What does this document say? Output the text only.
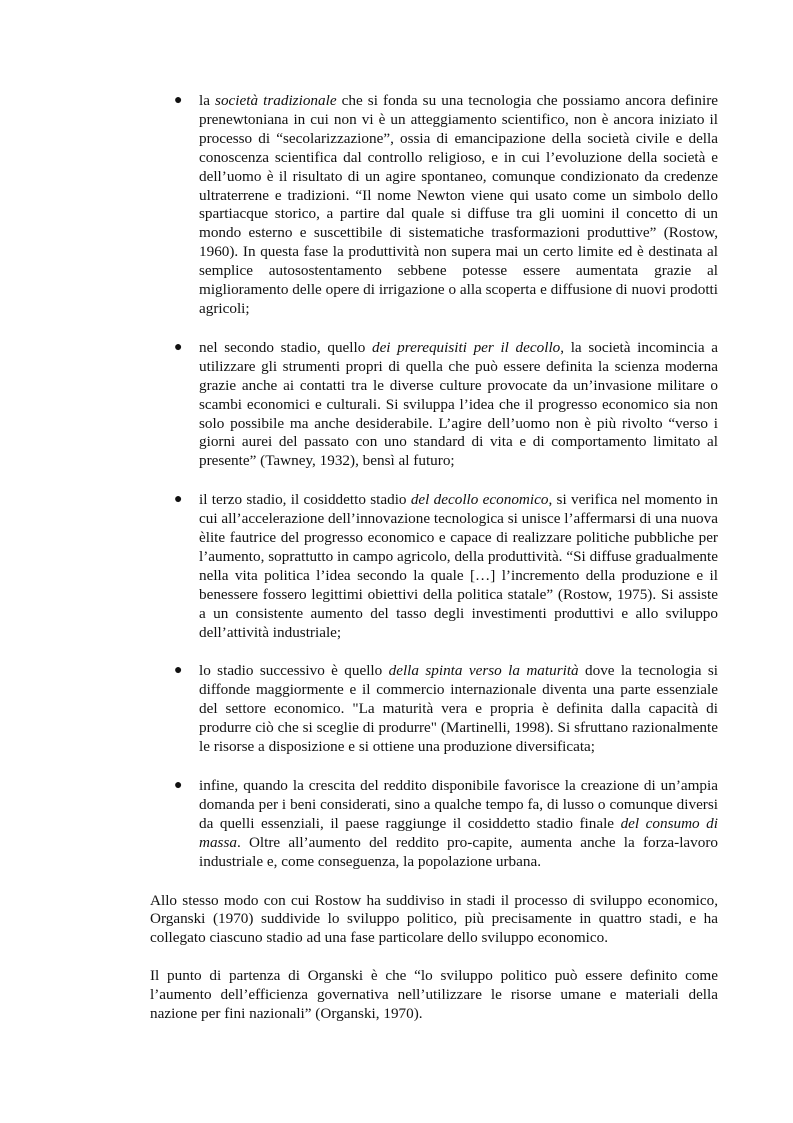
● la società tradizionale che si fonda su una tecnologia che possiamo ancora definire prenewtoniana in cui non vi è un atteggiamento scientifico, non è ancora iniziato il processo di “secolarizzazione”, ossia di emancipazione della società civile e della conoscenza scientifica dal controllo religioso, e in cui l’evoluzione della società e dell’uomo è il risultato di un agire spontaneo, comunque condizionato da credenze ultraterrene e tradizioni. “Il nome Newton viene qui usato come un simbolo dello spartiacque storico, a partire dal quale si diffuse tra gli uomini il concetto di un mondo esterno e suscettibile di sistematiche trasformazioni produttive” (Rostow, 1960). In questa fase la produttività non supera mai un certo limite ed è destinata al semplice autosostentamento sebbene potesse essere aumentata grazie al miglioramento delle opere di irrigazione o alla scoperta e diffusione di nuovi prodotti agricoli;
● nel secondo stadio, quello dei prerequisiti per il decollo, la società incomincia a utilizzare gli strumenti propri di quella che può essere definita la scienza moderna grazie anche ai contatti tra le diverse culture provocate da un’invasione militare o scambi economici e culturali. Si sviluppa l’idea che il progresso economico sia non solo possibile ma anche desiderabile. L’agire dell’uomo non è più rivolto “verso i giorni aurei del passato con uno standard di vita e di comportamento limitato al presente” (Tawney, 1932), bensì al futuro;
● il terzo stadio, il cosiddetto stadio del decollo economico, si verifica nel momento in cui all’accelerazione dell’innovazione tecnologica si unisce l’affermarsi di una nuova èlite fautrice del progresso economico e capace di realizzare politiche pubbliche per l’aumento, soprattutto in campo agricolo, della produttività. “Si diffuse gradualmente nella vita politica l’idea secondo la quale […] l’incremento della produzione e il benessere fossero legittimi obiettivi della politica statale” (Rostow, 1975). Si assiste a un consistente aumento del tasso degli investimenti produttivi e allo sviluppo dell’attività industriale;
● lo stadio successivo è quello della spinta verso la maturità dove la tecnologia si diffonde maggiormente e il commercio internazionale diventa una parte essenziale del settore economico. "La maturità vera e propria è definita dalla capacità di produrre ciò che si sceglie di produrre" (Martinelli, 1998). Si sfruttano razionalmente le risorse a disposizione e si ottiene una produzione diversificata;
● infine, quando la crescita del reddito disponibile favorisce la creazione di un’ampia domanda per i beni considerati, sino a qualche tempo fa, di lusso o comunque diversi da quelli essenziali, il paese raggiunge il cosiddetto stadio finale del consumo di massa. Oltre all’aumento del reddito pro-capite, aumenta anche la forza-lavoro industriale e, come conseguenza, la popolazione urbana.

Allo stesso modo con cui Rostow ha suddiviso in stadi il processo di sviluppo economico, Organski (1970) suddivide lo sviluppo politico, più precisamente in quattro stadi, e ha collegato ciascuno stadio ad una fase particolare dello sviluppo economico.

Il punto di partenza di Organski è che “lo sviluppo politico può essere definito come l’aumento dell’efficienza governativa nell’utilizzare le risorse umane e materiali della nazione per fini nazionali” (Organski, 1970).
